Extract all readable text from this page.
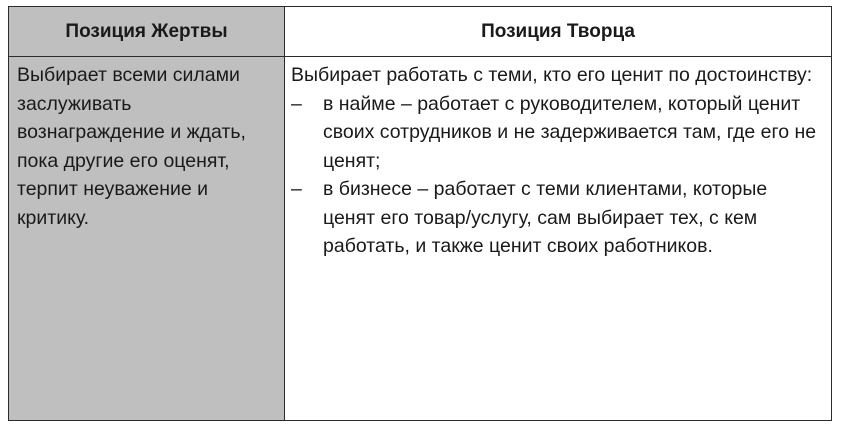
Позиция Жертвы	Позиция Творца

Выбирает всеми силами заслуживать вознаграждение и ждать, пока другие его оценят, терпит неуважение и критику.

Выбирает работать с теми, кто его ценит по достоинству:

– в найме – работает с руководителем, который ценит своих сотрудников и не задерживается там, где его не ценят;
– в бизнесе – работает с теми клиентами, которые ценят его товар/услугу, сам выбирает тех, с кем работать, и также ценит своих работников.
